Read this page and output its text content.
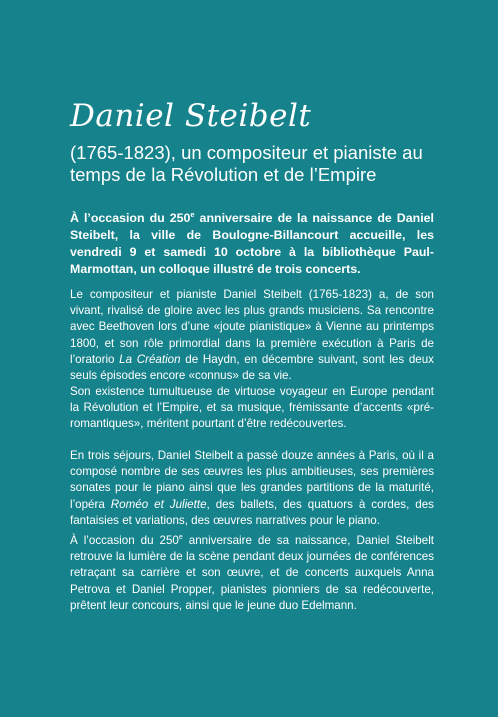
Daniel Steibelt
(1765-1823), un compositeur et pianiste au temps de la Révolution et de l’Empire

À l’occasion du 250e anniversaire de la naissance de Daniel Steibelt, la ville de Boulogne-Billancourt accueille, les vendredi 9 et samedi 10 octobre à la bibliothèque Paul-Marmottan, un colloque illustré de trois concerts.

Le compositeur et pianiste Daniel Steibelt (1765-1823) a, de son vivant, rivalisé de gloire avec les plus grands musiciens. Sa rencontre avec Beethoven lors d’une «joute pianistique» à Vienne au printemps 1800, et son rôle primordial dans la première exécution à Paris de l’oratorio La Création de Haydn, en décembre suivant, sont les deux seuls épisodes encore «connus» de sa vie.

Son existence tumultueuse de virtuose voyageur en Europe pendant la Révolution et l’Empire, et sa musique, frémissante d’accents «pré-romantiques», méritent pourtant d’être redécouvertes.

En trois séjours, Daniel Steibelt a passé douze années à Paris, où il a composé nombre de ses œuvres les plus ambitieuses, ses premières sonates pour le piano ainsi que les grandes partitions de la maturité, l’opéra Roméo et Juliette, des ballets, des quatuors à cordes, des fantaisies et variations, des œuvres narratives pour le piano.

À l’occasion du 250e anniversaire de sa naissance, Daniel Steibelt retrouve la lumière de la scène pendant deux journées de conférences retraçant sa carrière et son œuvre, et de concerts auxquels Anna Petrova et Daniel Propper, pianistes pionniers de sa redécouverte, prêtent leur concours, ainsi que le jeune duo Edelmann.
